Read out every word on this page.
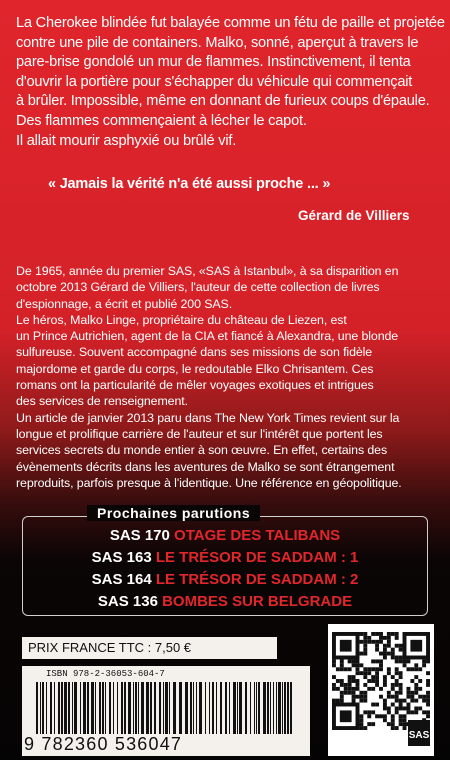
La Cherokee blindée fut balayée comme un fétu de paille et projetée
contre une pile de containers. Malko, sonné, aperçut à travers le
pare-brise gondolé un mur de flammes. Instinctivement, il tenta
d'ouvrir la portière pour s'échapper du véhicule qui commençait
à brûler. Impossible, même en donnant de furieux coups d'épaule.
Des flammes commençaient à lécher le capot.
Il allait mourir asphyxié ou brûlé vif.

« Jamais la vérité n'a été aussi proche ... »

Gérard de Villiers

De 1965, année du premier SAS, «SAS à Istanbul», à sa disparition en
octobre 2013 Gérard de Villiers, l'auteur de cette collection de livres
d'espionnage, a écrit et publié 200 SAS.
Le héros, Malko Linge, propriétaire du château de Liezen, est
un Prince Autrichien, agent de la CIA et fiancé à Alexandra, une blonde
sulfureuse. Souvent accompagné dans ses missions de son fidèle
majordome et garde du corps, le redoutable Elko Chrisantem. Ces
romans ont la particularité de mêler voyages exotiques et intrigues
des services de renseignement.
Un article de janvier 2013 paru dans The New York Times revient sur la
longue et prolifique carrière de l'auteur et sur l'intérêt que portent les
services secrets du monde entier à son œuvre. En effet, certains des
évènements décrits dans les aventures de Malko se sont étrangement
reproduits, parfois presque à l'identique. Une référence en géopolitique.

Prochaines parutions

SAS 170 OTAGE DES TALIBANS
SAS 163 LE TRÉSOR DE SADDAM : 1
SAS 164 LE TRÉSOR DE SADDAM : 2
SAS 136 BOMBES SUR BELGRADE
PRIX FRANCE TTC : 7,50 €
ISBN 978-2-36053-604-7
9 782360 536047	SAS
